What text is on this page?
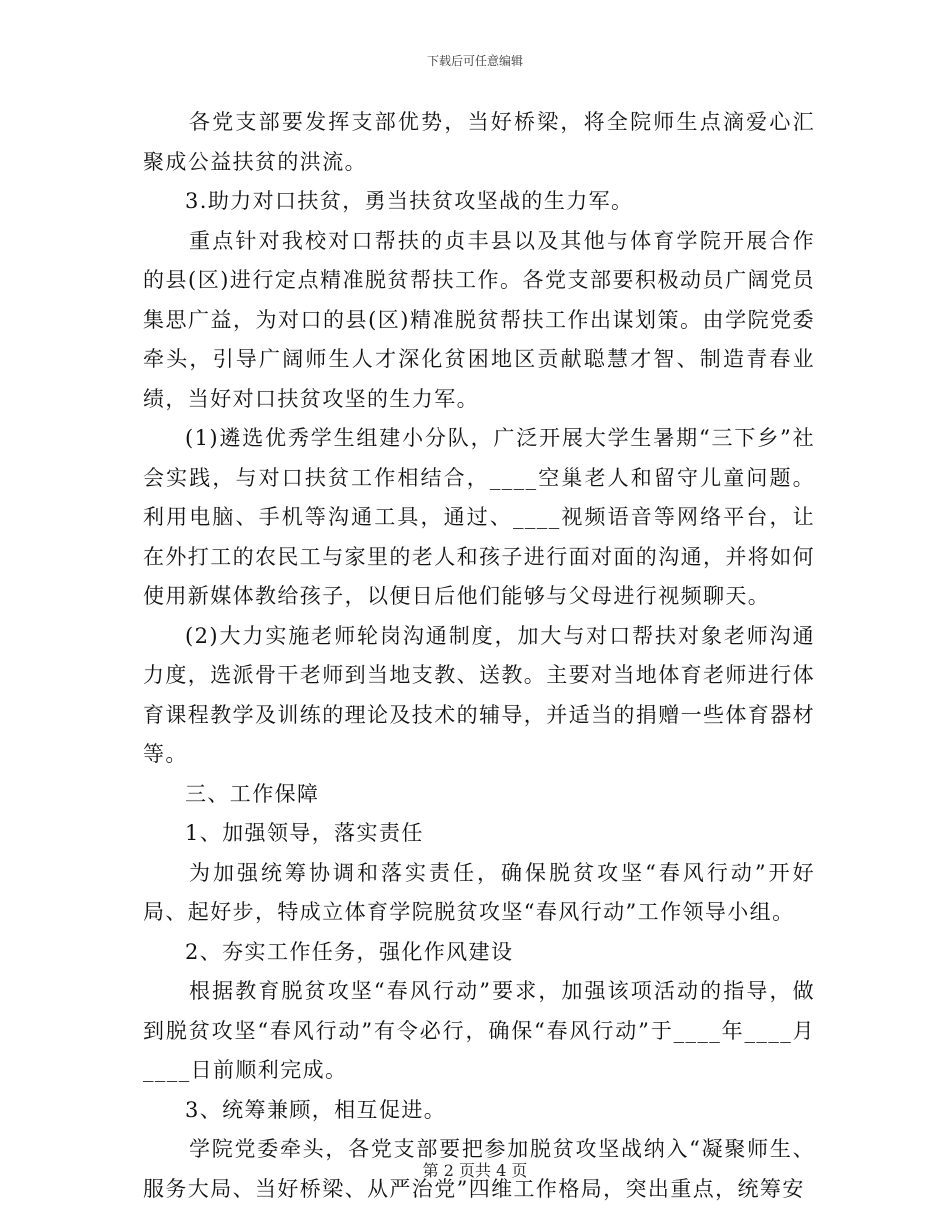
下载后可任意编辑

各党支部要发挥支部优势，当好桥梁，将全院师生点滴爱心汇聚成公益扶贫的洪流。

3.助力对口扶贫，勇当扶贫攻坚战的生力军。

重点针对我校对口帮扶的贞丰县以及其他与体育学院开展合作的县(区)进行定点精准脱贫帮扶工作。各党支部要积极动员广阔党员集思广益，为对口的县(区)精准脱贫帮扶工作出谋划策。由学院党委牵头，引导广阔师生人才深化贫困地区贡献聪慧才智、制造青春业绩，当好对口扶贫攻坚的生力军。

(1)遴选优秀学生组建小分队，广泛开展大学生暑期“三下乡”社会实践，与对口扶贫工作相结合，____空巢老人和留守儿童问题。利用电脑、手机等沟通工具，通过、____视频语音等网络平台，让在外打工的农民工与家里的老人和孩子进行面对面的沟通，并将如何使用新媒体教给孩子，以便日后他们能够与父母进行视频聊天。

(2)大力实施老师轮岗沟通制度，加大与对口帮扶对象老师沟通力度，选派骨干老师到当地支教、送教。主要对当地体育老师进行体育课程教学及训练的理论及技术的辅导，并适当的捐赠一些体育器材等。

三、工作保障

1、加强领导，落实责任

为加强统筹协调和落实责任，确保脱贫攻坚“春风行动”开好局、起好步，特成立体育学院脱贫攻坚“春风行动”工作领导小组。

2、夯实工作任务，强化作风建设

根据教育脱贫攻坚“春风行动”要求，加强该项活动的指导，做到脱贫攻坚“春风行动”有令必行，确保“春风行动”于____年____月____日前顺利完成。

3、统筹兼顾，相互促进。

学院党委牵头，各党支部要把参加脱贫攻坚战纳入“凝聚师生、服务大局、当好桥梁、从严治党”四维工作格局，突出重点，统筹安

第 2 页共 4 页
